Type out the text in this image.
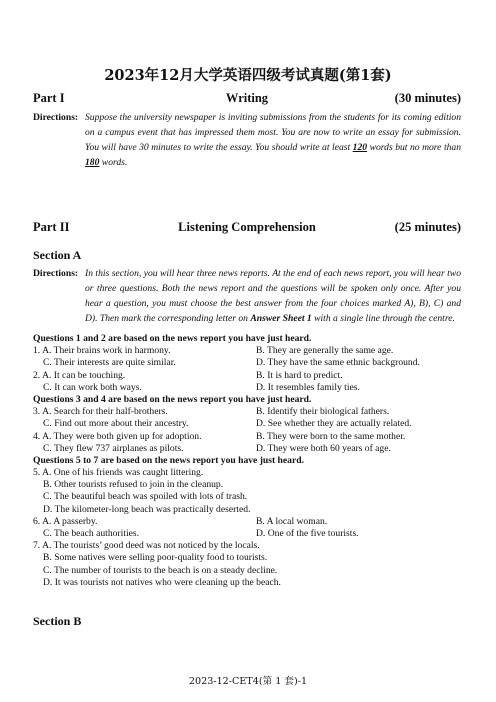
2023年12月大学英语四级考试真题(第1套)
Writing
Part I	(30 minutes)
Directions: Suppose the university newspaper is inviting submissions from the students for its coming edition on a campus event that has impressed them most. You are now to write an essay for submission. You will have 30 minutes to write the essay. You should write at least 120 words but no more than 180 words.
Listening Comprehension
Part II	(25 minutes)
Section A
Directions: In this section, you will hear three news reports. At the end of each news report, you will hear two or three questions. Both the news report and the questions will be spoken only once. After you hear a question, you must choose the best answer from the four choices marked A), B), C) and D). Then mark the corresponding letter on Answer Sheet 1 with a single line through the centre.
Questions 1 and 2 are based on the news report you have just heard.
1. A. Their brains work in harmony.	B. They are generally the same age.
C. Their interests are quite similar.	D. They have the same ethnic background.
2. A. It can be touching.	B. It is hard to predict.
C. It can work both ways.	D. It resembles family ties.
Questions 3 and 4 are based on the news report you have just heard.
3. A. Search for their half-brothers.	B. Identify their biological fathers.
C. Find out more about their ancestry.	D. See whether they are actually related.
4. A. They were both given up for adoption.	B. They were born to the same mother.
C. They flew 737 airplanes as pilots.	D. They were both 60 years of age.
Questions 5 to 7 are based on the news report you have just heard.
5. A. One of his friends was caught littering.
B. Other tourists refused to join in the cleanup.
C. The beautiful beach was spoiled with lots of trash.
D. The kilometer-long beach was practically deserted.
6. A. A passerby.	B. A local woman.
C. The beach authorities.	D. One of the five tourists.
7. A. The tourists’ good deed was not noticed by the locals.
B. Some natives were selling poor-quality food to tourists.
C. The number of tourists to the beach is on a steady decline.
D. It was tourists not natives who were cleaning up the beach.
Section B
2023-12-CET4(第 1 套)-1
